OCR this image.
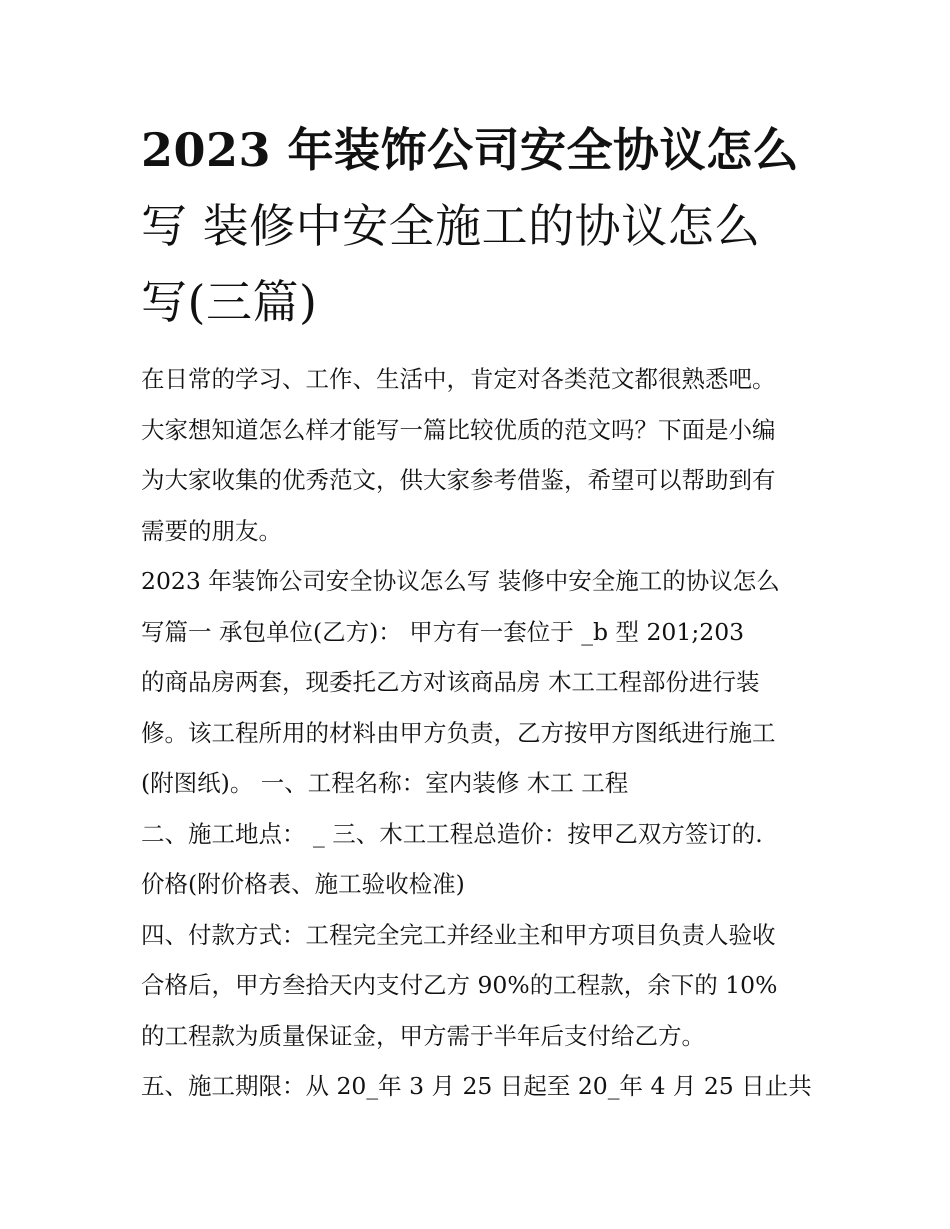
2023 年装饰公司安全协议怎么
写 装修中安全施工的协议怎么
写(三篇)
在日常的学习、工作、生活中，肯定对各类范文都很熟悉吧。
大家想知道怎么样才能写一篇比较优质的范文吗？下面是小编
为大家收集的优秀范文，供大家参考借鉴，希望可以帮助到有
需要的朋友。
2023 年装饰公司安全协议怎么写 装修中安全施工的协议怎么
写篇一 承包单位(乙方)： 甲方有一套位于 _b 型 201;203
的商品房两套，现委托乙方对该商品房 木工工程部份进行装
修。该工程所用的材料由甲方负责，乙方按甲方图纸进行施工
(附图纸)。 一、工程名称：室内装修 木工 工程
二、施工地点： _ 三、木工工程总造价：按甲乙双方签订的.
价格(附价格表、施工验收检准)
四、付款方式：工程完全完工并经业主和甲方项目负责人验收
合格后，甲方叁拾天内支付乙方 90%的工程款，余下的 10%
的工程款为质量保证金，甲方需于半年后支付给乙方。
五、施工期限：从 20_年 3 月 25 日起至 20_年 4 月 25 日止共
